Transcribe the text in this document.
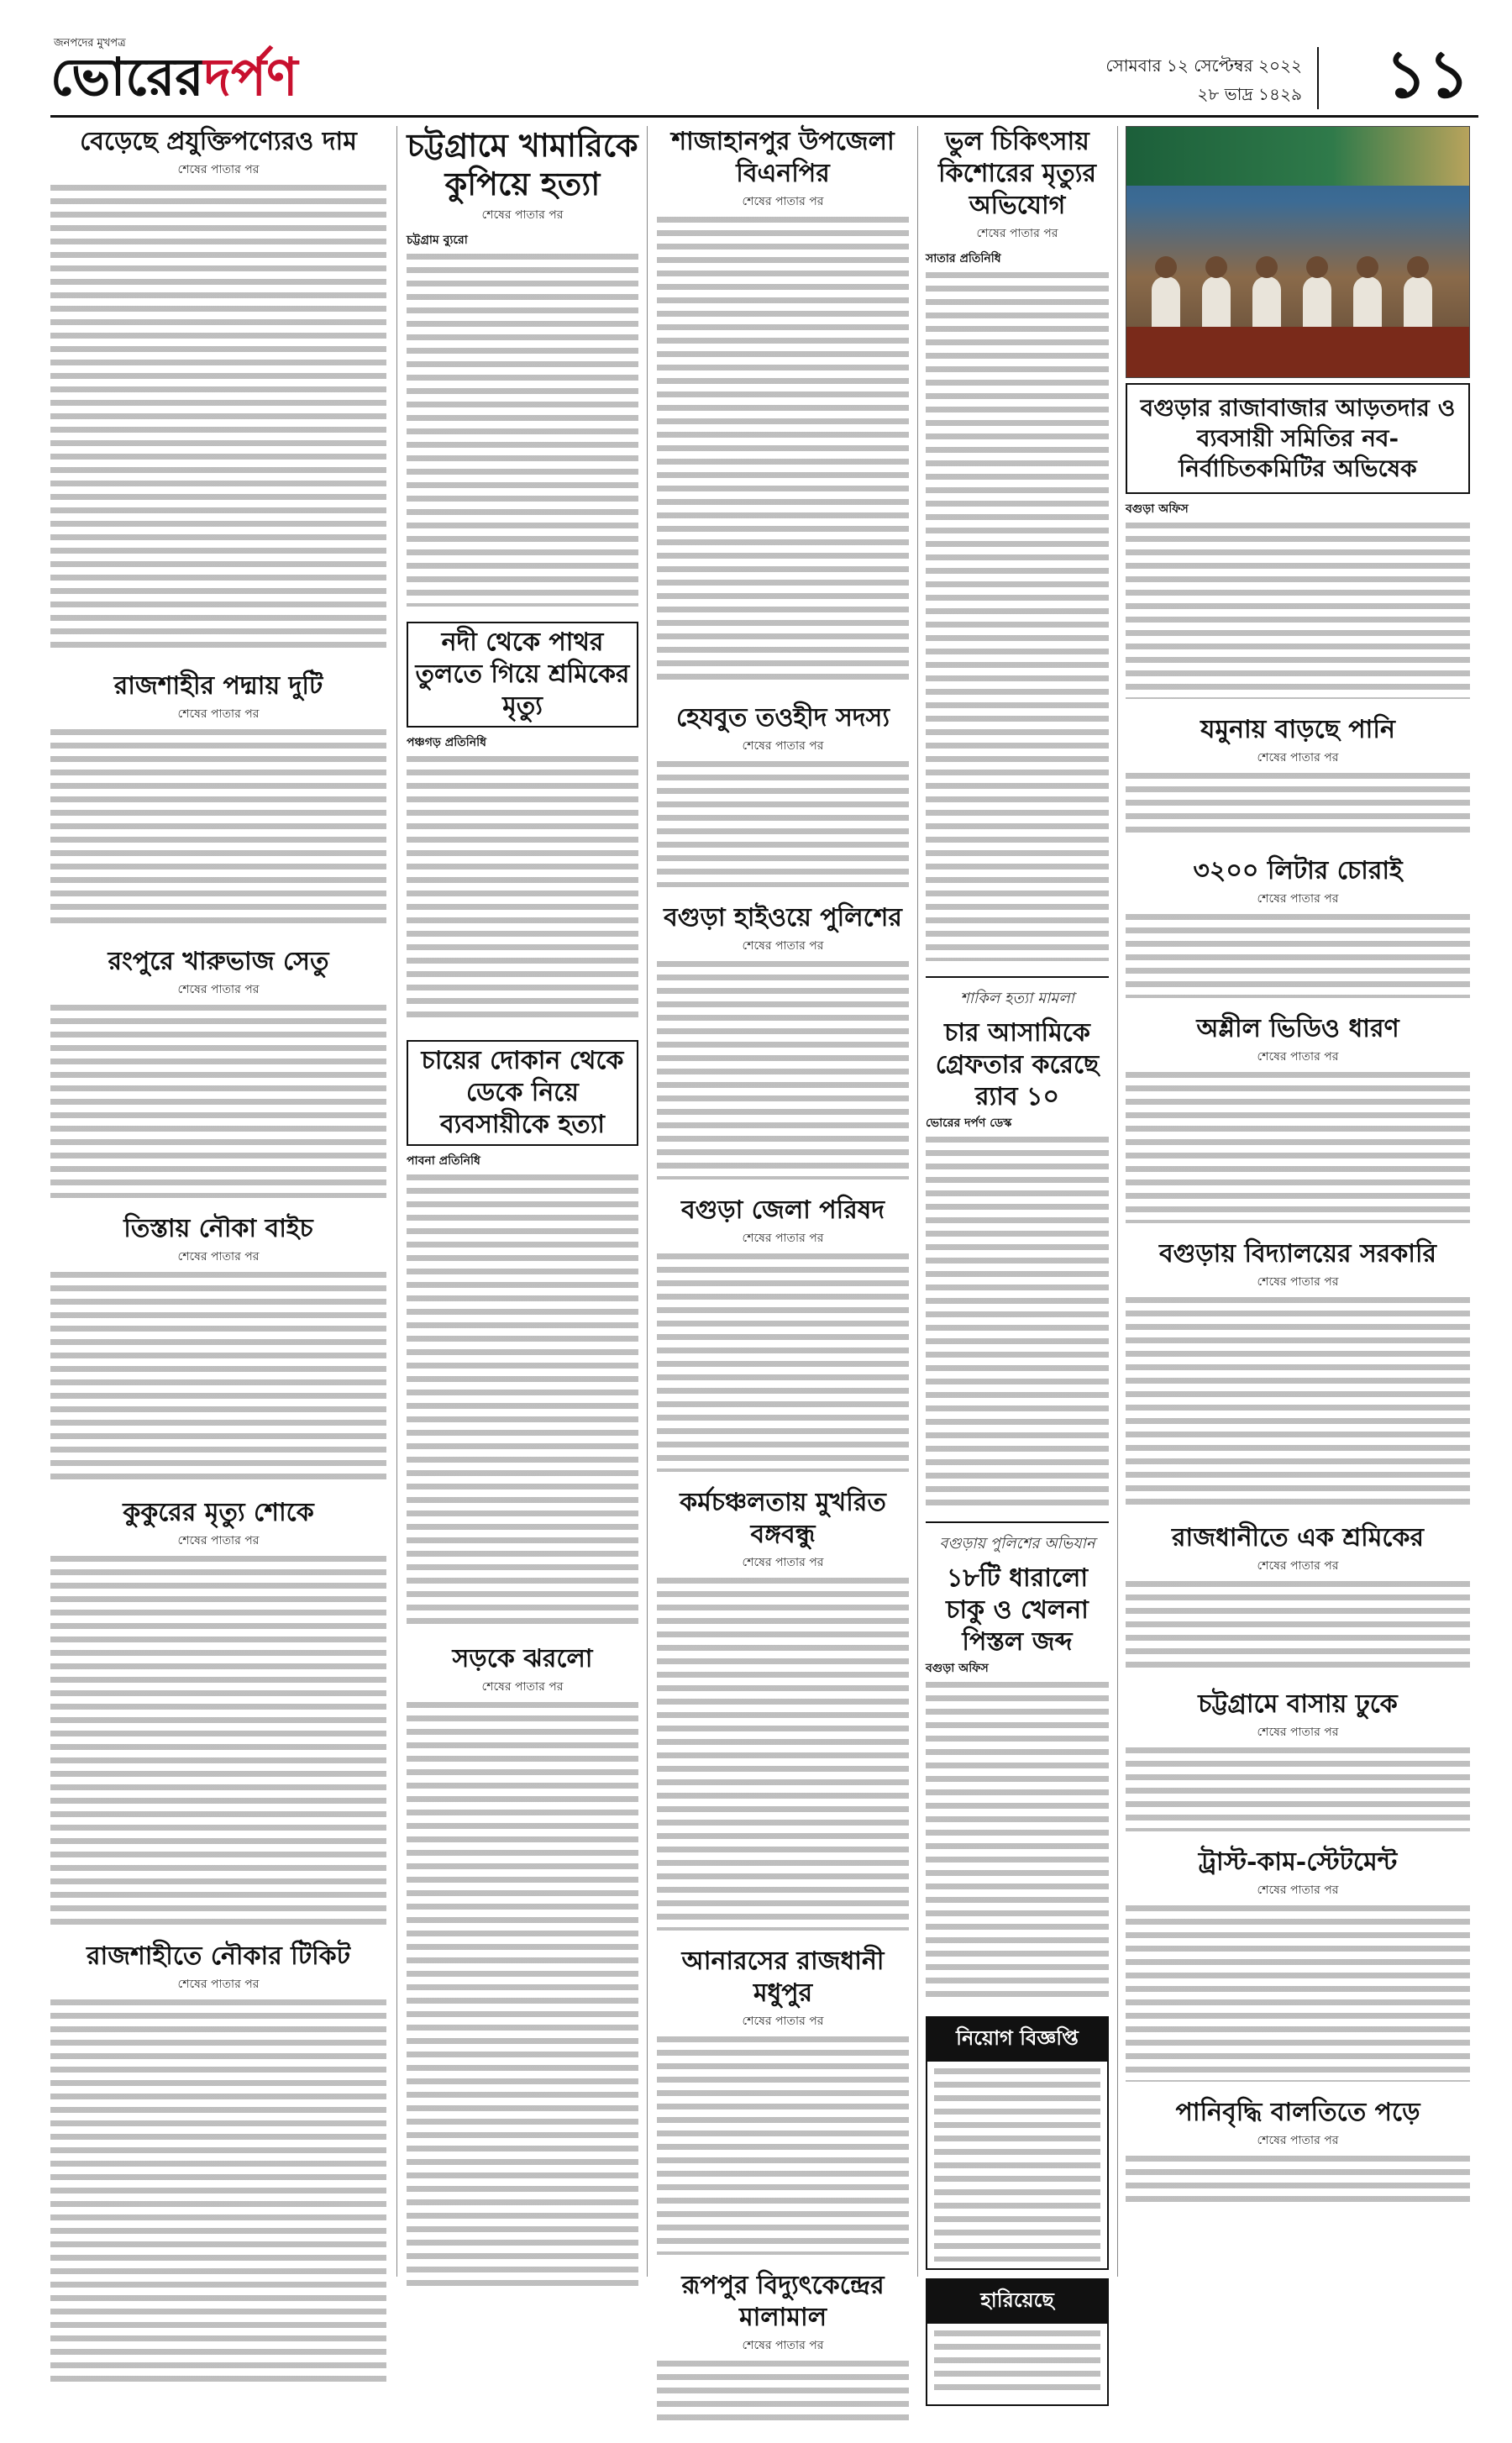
জনপদের মুখপত্র
ভোরেরদর্পণ	সোমবার ১২ সেপ্টেম্বর ২০২২
২৮ ভাদ্র ১৪২৯ ১১
বেড়েছে প্রযুক্তিপণ্যেরও দাম
শেষের পাতার পর
রাজশাহীর পদ্মায় দুটি
শেষের পাতার পর
রংপুরে খারুভাজ সেতু
শেষের পাতার পর
তিস্তায় নৌকা বাইচ
শেষের পাতার পর
কুকুরের মৃত্যু শোকে
শেষের পাতার পর
রাজশাহীতে নৌকার টিকিট
শেষের পাতার পর
চট্টগ্রামে খামারিকে কুপিয়ে হত্যা
শেষের পাতার পর
চট্টগ্রাম ব্যুরো
নদী থেকে পাথর তুলতে গিয়ে শ্রমিকের মৃত্যু
পঞ্চগড় প্রতিনিধি
চায়ের দোকান থেকে ডেকে নিয়ে ব্যবসায়ীকে হত্যা
পাবনা প্রতিনিধি
সড়কে ঝরলো
শেষের পাতার পর
শাজাহানপুর উপজেলা বিএনপির
শেষের পাতার পর
হেযবুত তওহীদ সদস্য
শেষের পাতার পর
বগুড়া হাইওয়ে পুলিশের
শেষের পাতার পর
বগুড়া জেলা পরিষদ
শেষের পাতার পর
কর্মচঞ্চলতায় মুখরিত বঙ্গবন্ধু
শেষের পাতার পর
আনারসের রাজধানী মধুপুর
শেষের পাতার পর
রূপপুর বিদ্যুৎকেন্দ্রের মালামাল
শেষের পাতার পর
ভুল চিকিৎসায় কিশোরের মৃত্যুর অভিযোগ
শেষের পাতার পর
সাতার প্রতিনিধি
শাকিল হত্যা মামলা
চার আসামিকে গ্রেফতার করেছে র‍্যাব ১০
ভোরের দর্পণ ডেস্ক
বগুড়ায় পুলিশের অভিযান
১৮টি ধারালো চাকু ও খেলনা পিস্তল জব্দ
বগুড়া অফিস
নিয়োগ বিজ্ঞপ্তি
হারিয়েছে
বগুড়ার রাজাবাজার আড়তদার ও ব্যবসায়ী সমিতির নব-নির্বাচিতকমিটির অভিষেক
বগুড়া অফিস
যমুনায় বাড়ছে পানি
শেষের পাতার পর
৩২০০ লিটার চোরাই
শেষের পাতার পর
অশ্লীল ভিডিও ধারণ
শেষের পাতার পর
বগুড়ায় বিদ্যালয়ের সরকারি
শেষের পাতার পর
রাজধানীতে এক শ্রমিকের
শেষের পাতার পর
চট্টগ্রামে বাসায় ঢুকে
শেষের পাতার পর
ট্রাস্ট-কাম-স্টেটমেন্ট
শেষের পাতার পর
পানিবৃদ্ধি বালতিতে পড়ে
শেষের পাতার পর
